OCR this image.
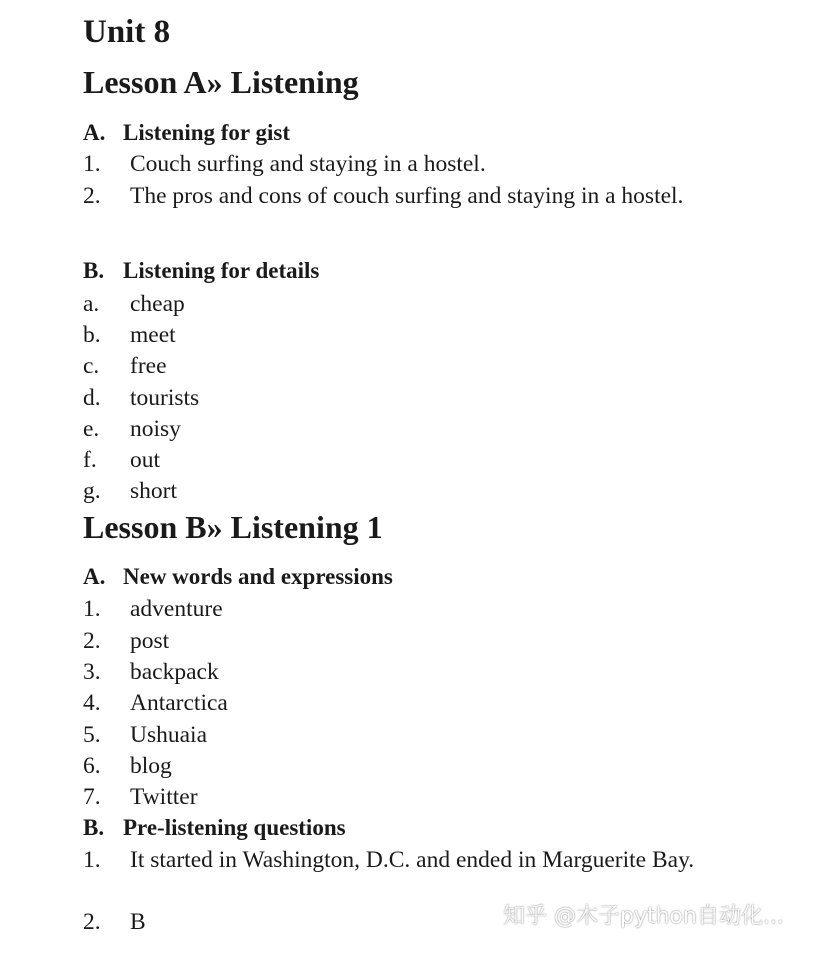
Unit 8
Lesson A» Listening
A. Listening for gist
1. Couch surfing and staying in a hostel.
2. The pros and cons of couch surfing and staying in a hostel.
B. Listening for details
a. cheap
b. meet
c. free
d. tourists
e. noisy
f. out
g. short
Lesson B» Listening 1
A. New words and expressions
1. adventure
2. post
3. backpack
4. Antarctica
5. Ushuaia
6. blog
7. Twitter
B. Pre-listening questions
1. It started in Washington, D.C. and ended in Marguerite Bay.
2. B	知乎 @木子python自动化...
